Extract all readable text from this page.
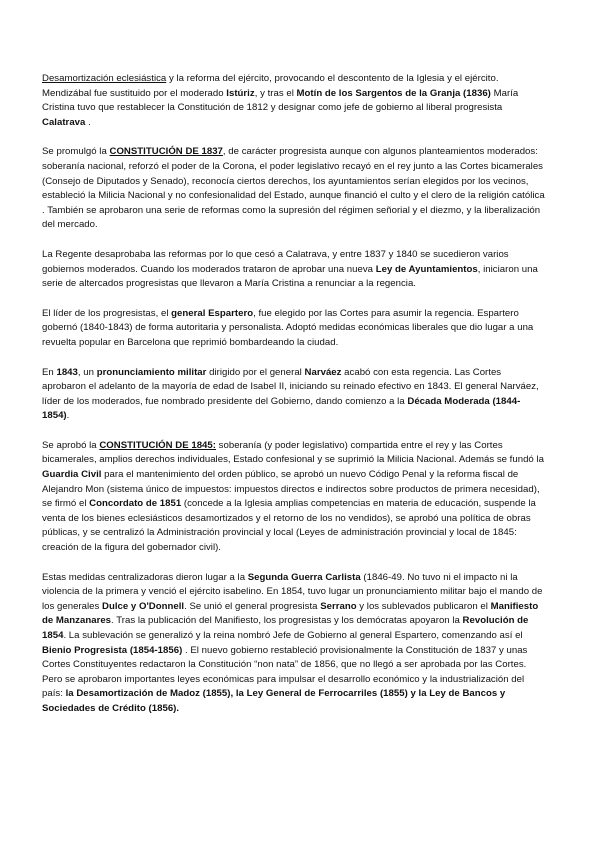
Desamortización eclesiástica y la reforma del ejército, provocando el descontento de la Iglesia y el ejército. Mendizábal fue sustituido por el moderado Istúriz, y tras el Motín de los Sargentos de la Granja (1836) María Cristina tuvo que restablecer la Constitución de 1812 y designar como jefe de gobierno al liberal progresista Calatrava .

Se promulgó la CONSTITUCIÓN DE 1837, de carácter progresista aunque con algunos planteamientos moderados: soberanía nacional, reforzó el poder de la Corona, el poder legislativo recayó en el rey junto a las Cortes bicamerales (Consejo de Diputados y Senado), reconocía ciertos derechos, los ayuntamientos serían elegidos por los vecinos, estableció la Milicia Nacional y no confesionalidad del Estado, aunque financió el culto y el clero de la religión católica . También se aprobaron una serie de reformas como la supresión del régimen señorial y el diezmo, y la liberalización del mercado.

La Regente desaprobaba las reformas por lo que cesó a Calatrava, y entre 1837 y 1840 se sucedieron varios gobiernos moderados. Cuando los moderados trataron de aprobar una nueva Ley de Ayuntamientos, iniciaron una serie de altercados progresistas que llevaron a María Cristina a renunciar a la regencia.

El líder de los progresistas, el general Espartero, fue elegido por las Cortes para asumir la regencia. Espartero gobernó (1840-1843) de forma autoritaria y personalista. Adoptó medidas económicas liberales que dio lugar a una revuelta popular en Barcelona que reprimió bombardeando la ciudad.

En 1843, un pronunciamiento militar dirigido por el general Narváez acabó con esta regencia. Las Cortes aprobaron el adelanto de la mayoría de edad de Isabel II, iniciando su reinado efectivo en 1843. El general Narváez, líder de los moderados, fue nombrado presidente del Gobierno, dando comienzo a la Década Moderada (1844-1854).

Se aprobó la CONSTITUCIÓN DE 1845: soberanía (y poder legislativo) compartida entre el rey y las Cortes bicamerales, amplios derechos individuales, Estado confesional y se suprimió la Milicia Nacional. Además se fundó la Guardia Civil para el mantenimiento del orden público, se aprobó un nuevo Código Penal y la reforma fiscal de Alejandro Mon (sistema único de impuestos: impuestos directos e indirectos sobre productos de primera necesidad), se firmó el Concordato de 1851 (concede a la Iglesia amplias competencias en materia de educación, suspende la venta de los bienes eclesiásticos desamortizados y el retorno de los no vendidos), se aprobó una política de obras públicas, y se centralizó la Administración provincial y local (Leyes de administración provincial y local de 1845: creación de la figura del gobernador civil).

Estas medidas centralizadoras dieron lugar a la Segunda Guerra Carlista (1846-49. No tuvo ni el impacto ni la violencia de la primera y venció el ejército isabelino. En 1854, tuvo lugar un pronunciamiento militar bajo el mando de los generales Dulce y O'Donnell. Se unió el general progresista Serrano y los sublevados publicaron el Manifiesto de Manzanares. Tras la publicación del Manifiesto, los progresistas y los demócratas apoyaron la Revolución de 1854. La sublevación se generalizó y la reina nombró Jefe de Gobierno al general Espartero, comenzando así el Bienio Progresista (1854-1856) . El nuevo gobierno restableció provisionalmente la Constitución de 1837 y unas Cortes Constituyentes redactaron la Constitución “non nata” de 1856, que no llegó a ser aprobada por las Cortes. Pero se aprobaron importantes leyes económicas para impulsar el desarrollo económico y la industrialización del país: la Desamortización de Madoz (1855), la Ley General de Ferrocarriles (1855) y la Ley de Bancos y Sociedades de Crédito (1856).
